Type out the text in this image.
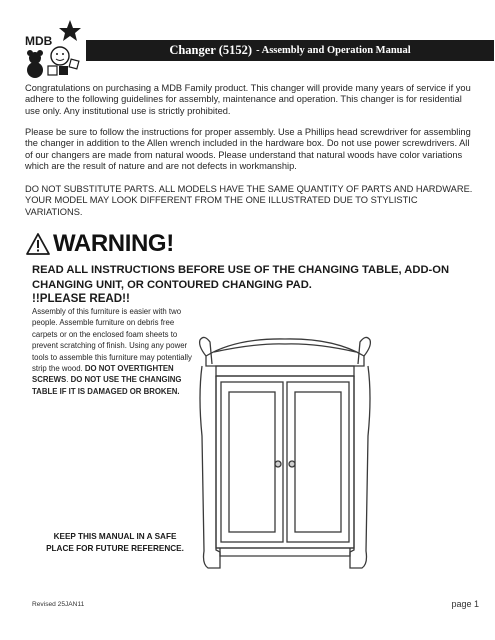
MDB
Changer (5152) - Assembly and Operation Manual

Congratulations on purchasing a MDB Family product. This changer will provide many years of service if you adhere to the following guidelines for assembly, maintenance and operation. This changer is for residential use only. Any institutional use is strictly prohibited.

Please be sure to follow the instructions for proper assembly. Use a Phillips head screwdriver for assembling the changer in addition to the Allen wrench included in the hardware box. Do not use power screwdrivers. All of our changers are made from natural woods. Please understand that natural woods have color variations which are the result of nature and are not defects in workmanship.

DO NOT SUBSTITUTE PARTS. ALL MODELS HAVE THE SAME QUANTITY OF PARTS AND HARDWARE. YOUR MODEL MAY LOOK DIFFERENT FROM THE ONE ILLUSTRATED DUE TO STYLISTIC VARIATIONS.

WARNING!

READ ALL INSTRUCTIONS BEFORE USE OF THE CHANGING TABLE, ADD-ON CHANGING UNIT, OR CONTOURED CHANGING PAD.

!!PLEASE READ!!
Assembly of this furniture is easier with two people. Assemble furniture on debris free carpets or on the enclosed foam sheets to prevent scratching of finish. Using any power tools to assemble this furniture may potentially strip the wood. DO NOT OVERTIGHTEN SCREWS. DO NOT USE THE CHANGING TABLE IF IT IS DAMAGED OR BROKEN.
KEEP THIS MANUAL IN A SAFE PLACE FOR FUTURE REFERENCE.
Revised 25JAN11	page 1
